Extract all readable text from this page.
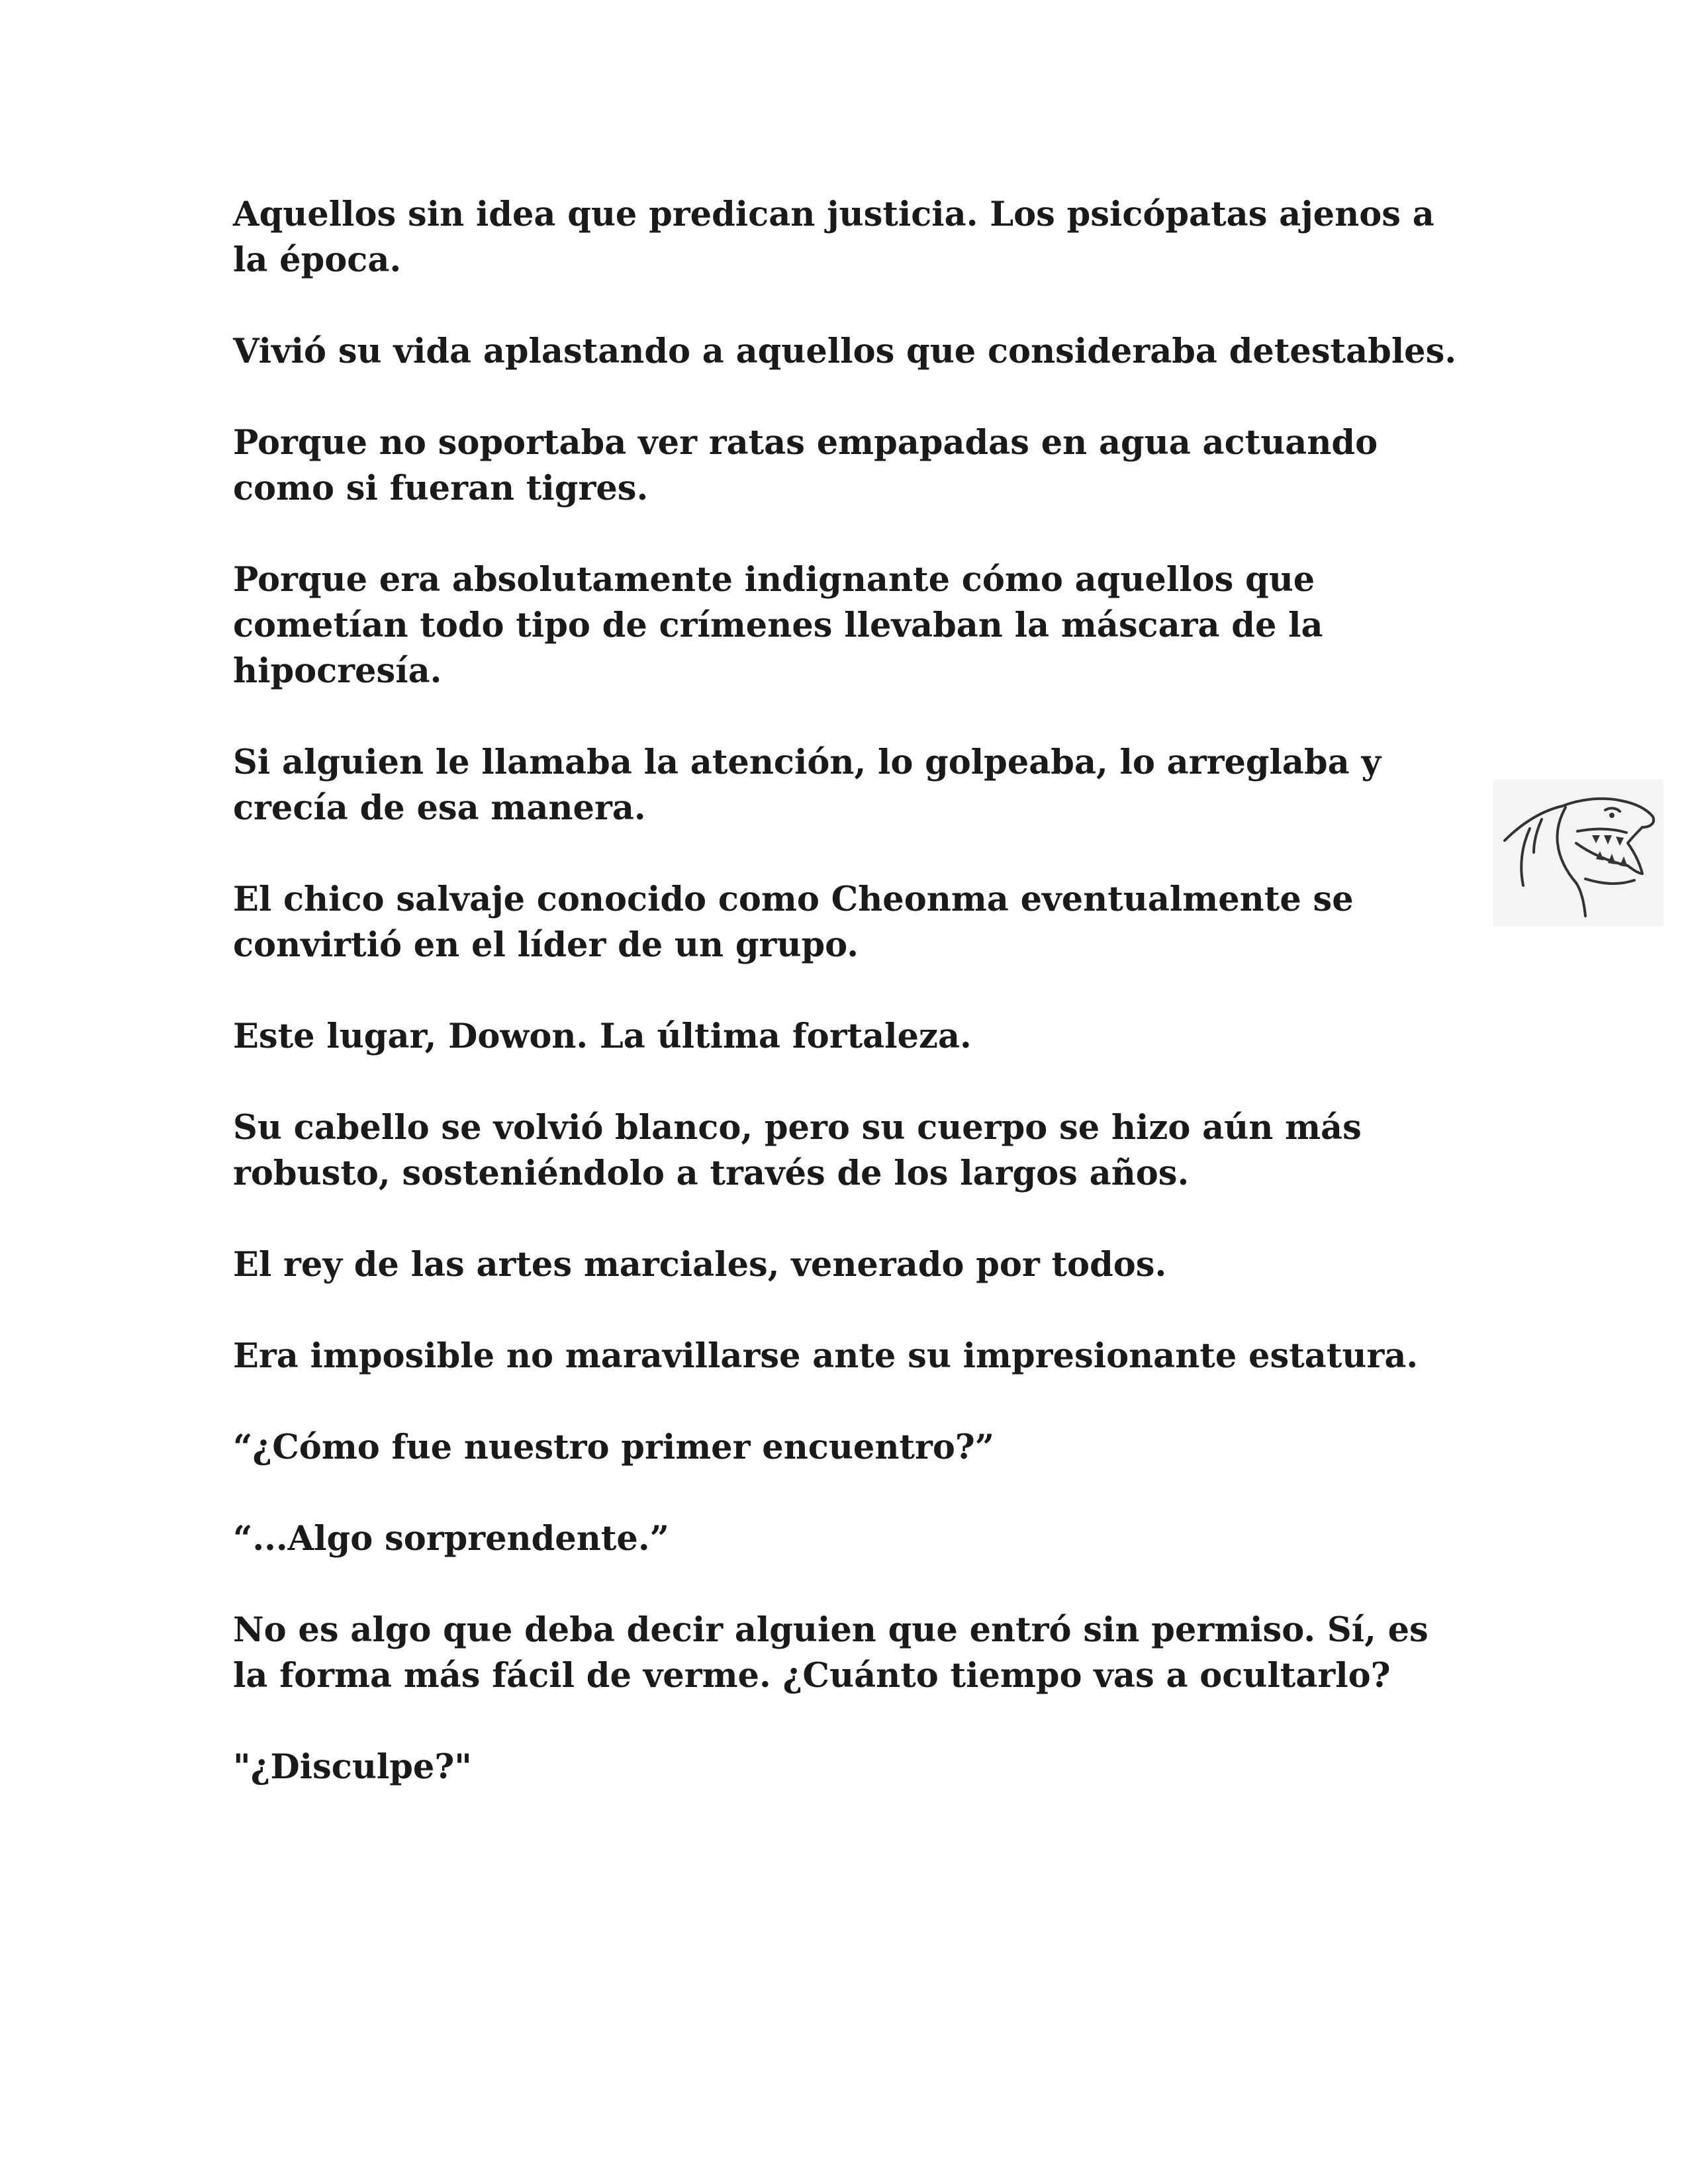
Aquellos sin idea que predican justicia. Los psicópatas ajenos a la época.

Vivió su vida aplastando a aquellos que consideraba detestables.

Porque no soportaba ver ratas empapadas en agua actuando como si fueran tigres.

Porque era absolutamente indignante cómo aquellos que cometían todo tipo de crímenes llevaban la máscara de la hipocresía.

Si alguien le llamaba la atención, lo golpeaba, lo arreglaba y crecía de esa manera.

El chico salvaje conocido como Cheonma eventualmente se convirtió en el líder de un grupo.

Este lugar, Dowon. La última fortaleza.

Su cabello se volvió blanco, pero su cuerpo se hizo aún más robusto, sosteniéndolo a través de los largos años.

El rey de las artes marciales, venerado por todos.

Era imposible no maravillarse ante su impresionante estatura.

“¿Cómo fue nuestro primer encuentro?”

“...Algo sorprendente.”

No es algo que deba decir alguien que entró sin permiso. Sí, es la forma más fácil de verme. ¿Cuánto tiempo vas a ocultarlo?

"¿Disculpe?"
